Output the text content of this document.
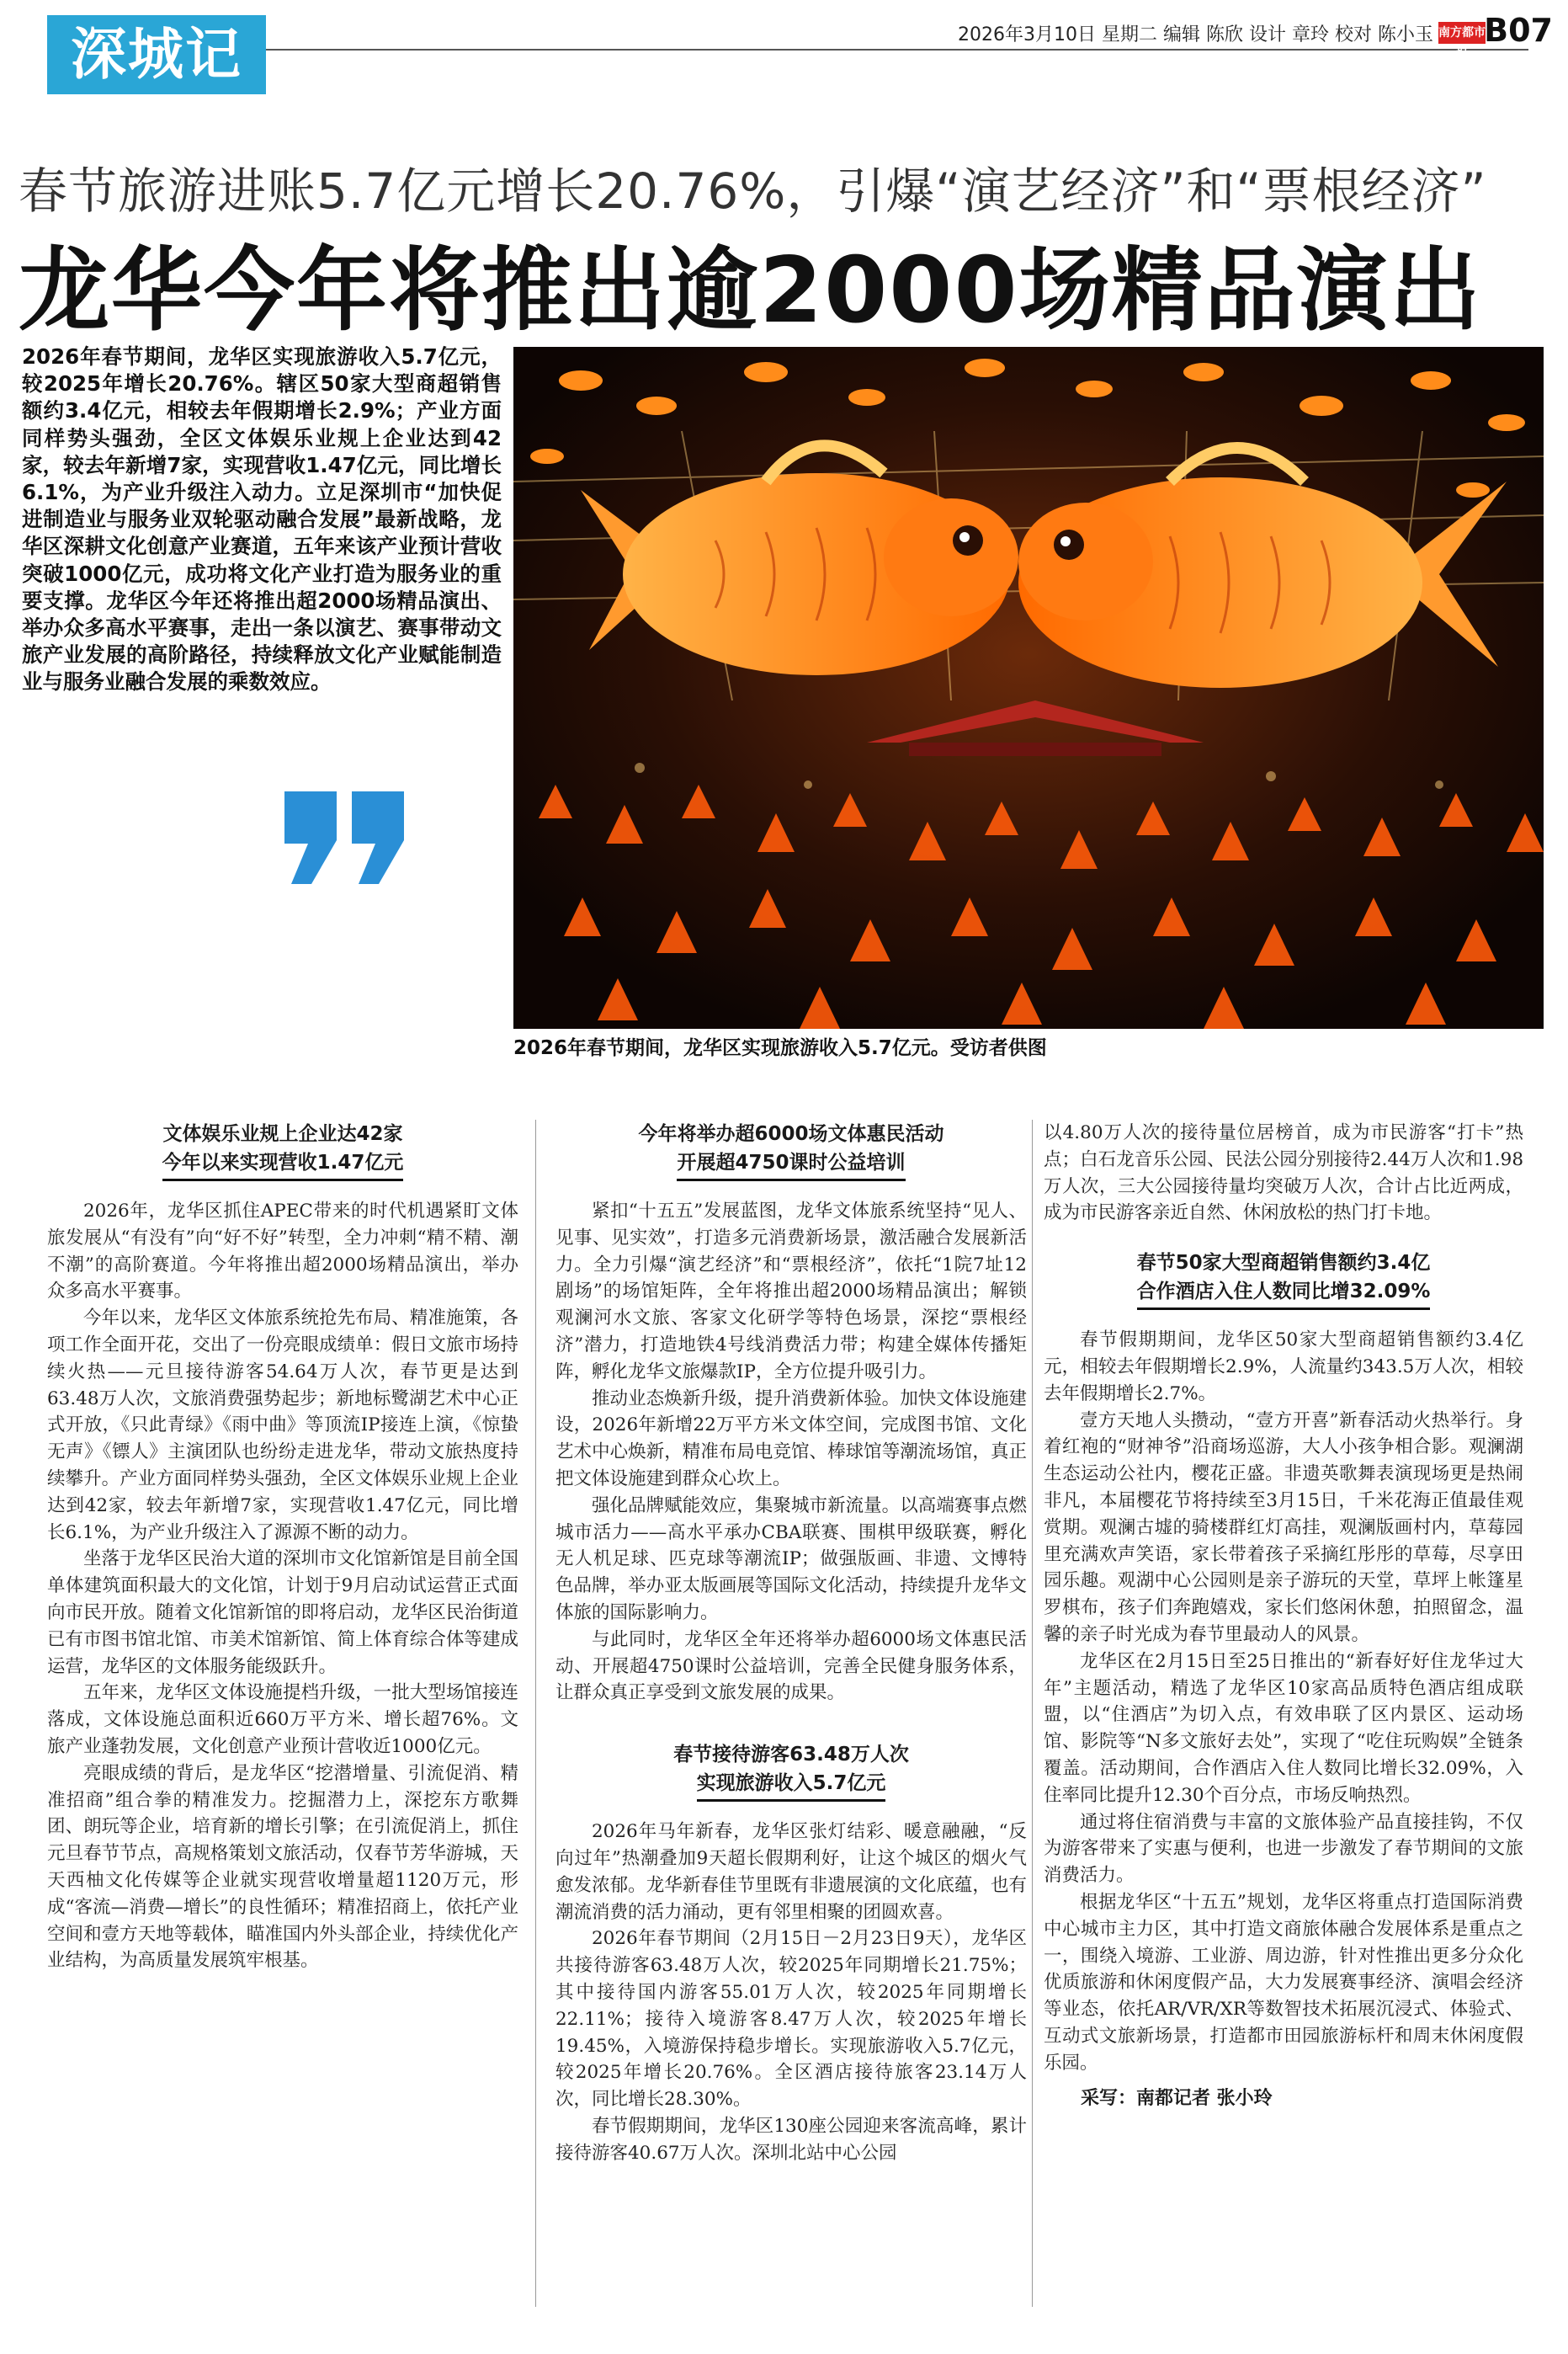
深城记	2026年3月10日 星期二 编辑 陈欣 设计 章玲 校对 陈小玉 南方都市报
B07
春节旅游进账5.7亿元增长20.76%，引爆“演艺经济”和“票根经济”
龙华今年将推出逾2000场精品演出
2026年春节期间，龙华区实现旅游收入5.7亿元，较2025年增长20.76%。辖区50家大型商超销售额约3.4亿元，相较去年假期增长2.9%；产业方面同样势头强劲，全区文体娱乐业规上企业达到42家，较去年新增7家，实现营收1.47亿元，同比增长6.1%，为产业升级注入动力。立足深圳市“加快促进制造业与服务业双轮驱动融合发展”最新战略，龙华区深耕文化创意产业赛道，五年来该产业预计营收突破1000亿元，成功将文化产业打造为服务业的重要支撑。龙华区今年还将推出超2000场精品演出、举办众多高水平赛事，走出一条以演艺、赛事带动文旅产业发展的高阶路径，持续释放文化产业赋能制造业与服务业融合发展的乘数效应。
2026年春节期间，龙华区实现旅游收入5.7亿元。受访者供图
文体娱乐业规上企业达42家
今年以来实现营收1.47亿元

2026年，龙华区抓住APEC带来的时代机遇紧盯文体旅发展从“有没有”向“好不好”转型，全力冲刺“精不精、潮不潮”的高阶赛道。今年将推出超2000场精品演出，举办众多高水平赛事。

今年以来，龙华区文体旅系统抢先布局、精准施策，各项工作全面开花，交出了一份亮眼成绩单：假日文旅市场持续火热——元旦接待游客54.64万人次，春节更是达到63.48万人次，文旅消费强势起步；新地标鹭湖艺术中心正式开放，《只此青绿》《雨中曲》等顶流IP接连上演，《惊蛰无声》《镖人》主演团队也纷纷走进龙华，带动文旅热度持续攀升。产业方面同样势头强劲，全区文体娱乐业规上企业达到42家，较去年新增7家，实现营收1.47亿元，同比增长6.1%，为产业升级注入了源源不断的动力。

坐落于龙华区民治大道的深圳市文化馆新馆是目前全国单体建筑面积最大的文化馆，计划于9月启动试运营正式面向市民开放。随着文化馆新馆的即将启动，龙华区民治街道已有市图书馆北馆、市美术馆新馆、简上体育综合体等建成运营，龙华区的文体服务能级跃升。

五年来，龙华区文体设施提档升级，一批大型场馆接连落成，文体设施总面积近660万平方米、增长超76%。文旅产业蓬勃发展，文化创意产业预计营收近1000亿元。

亮眼成绩的背后，是龙华区“挖潜增量、引流促消、精准招商”组合拳的精准发力。挖掘潜力上，深挖东方歌舞团、朗玩等企业，培育新的增长引擎；在引流促消上，抓住元旦春节节点，高规格策划文旅活动，仅春节芳华游城，天天西柚文化传媒等企业就实现营收增量超1120万元，形成“客流—消费—增长”的良性循环；精准招商上，依托产业空间和壹方天地等载体，瞄准国内外头部企业，持续优化产业结构，为高质量发展筑牢根基。

今年将举办超6000场文体惠民活动
开展超4750课时公益培训

紧扣“十五五”发展蓝图，龙华文体旅系统坚持“见人、见事、见实效”，打造多元消费新场景，激活融合发展新活力。全力引爆“演艺经济”和“票根经济”，依托“1院7址12剧场”的场馆矩阵，全年将推出超2000场精品演出；解锁观澜河水文旅、客家文化研学等特色场景，深挖“票根经济”潜力，打造地铁4号线消费活力带；构建全媒体传播矩阵，孵化龙华文旅爆款IP，全方位提升吸引力。

推动业态焕新升级，提升消费新体验。加快文体设施建设，2026年新增22万平方米文体空间，完成图书馆、文化艺术中心焕新，精准布局电竞馆、棒球馆等潮流场馆，真正把文体设施建到群众心坎上。

强化品牌赋能效应，集聚城市新流量。以高端赛事点燃城市活力——高水平承办CBA联赛、围棋甲级联赛，孵化无人机足球、匹克球等潮流IP；做强版画、非遗、文博特色品牌，举办亚太版画展等国际文化活动，持续提升龙华文体旅的国际影响力。

与此同时，龙华区全年还将举办超6000场文体惠民活动、开展超4750课时公益培训，完善全民健身服务体系，让群众真正享受到文旅发展的成果。

春节接待游客63.48万人次
实现旅游收入5.7亿元

2026年马年新春，龙华区张灯结彩、暖意融融，“反向过年”热潮叠加9天超长假期利好，让这个城区的烟火气愈发浓郁。龙华新春佳节里既有非遗展演的文化底蕴，也有潮流消费的活力涌动，更有邻里相聚的团圆欢喜。

2026年春节期间（2月15日－2月23日9天），龙华区共接待游客63.48万人次，较2025年同期增长21.75%；其中接待国内游客55.01万人次，较2025年同期增长22.11%；接待入境游客8.47万人次，较2025年增长19.45%，入境游保持稳步增长。实现旅游收入5.7亿元，较2025年增长20.76%。全区酒店接待旅客23.14万人次，同比增长28.30%。

春节假期期间，龙华区130座公园迎来客流高峰，累计接待游客40.67万人次。深圳北站中心公园

以4.80万人次的接待量位居榜首，成为市民游客“打卡”热点；白石龙音乐公园、民法公园分别接待2.44万人次和1.98万人次，三大公园接待量均突破万人次，合计占比近两成，成为市民游客亲近自然、休闲放松的热门打卡地。

春节50家大型商超销售额约3.4亿
合作酒店入住人数同比增32.09%

春节假期期间，龙华区50家大型商超销售额约3.4亿元，相较去年假期增长2.9%，人流量约343.5万人次，相较去年假期增长2.7%。

壹方天地人头攒动，“壹方开喜”新春活动火热举行。身着红袍的“财神爷”沿商场巡游，大人小孩争相合影。观澜湖生态运动公社内，樱花正盛。非遗英歌舞表演现场更是热闹非凡，本届樱花节将持续至3月15日，千米花海正值最佳观赏期。观澜古墟的骑楼群红灯高挂，观澜版画村内，草莓园里充满欢声笑语，家长带着孩子采摘红彤彤的草莓，尽享田园乐趣。观湖中心公园则是亲子游玩的天堂，草坪上帐篷星罗棋布，孩子们奔跑嬉戏，家长们悠闲休憩，拍照留念，温馨的亲子时光成为春节里最动人的风景。

龙华区在2月15日至25日推出的“新春好好住龙华过大年”主题活动，精选了龙华区10家高品质特色酒店组成联盟，以“住酒店”为切入点，有效串联了区内景区、运动场馆、影院等“N多文旅好去处”，实现了“吃住玩购娱”全链条覆盖。活动期间，合作酒店入住人数同比增长32.09%，入住率同比提升12.30个百分点，市场反响热烈。

通过将住宿消费与丰富的文旅体验产品直接挂钩，不仅为游客带来了实惠与便利，也进一步激发了春节期间的文旅消费活力。

根据龙华区“十五五”规划，龙华区将重点打造国际消费中心城市主力区，其中打造文商旅体融合发展体系是重点之一，围绕入境游、工业游、周边游，针对性推出更多分众化优质旅游和休闲度假产品，大力发展赛事经济、演唱会经济等业态，依托AR/VR/XR等数智技术拓展沉浸式、体验式、互动式文旅新场景，打造都市田园旅游标杆和周末休闲度假乐园。

采写：南都记者 张小玲
